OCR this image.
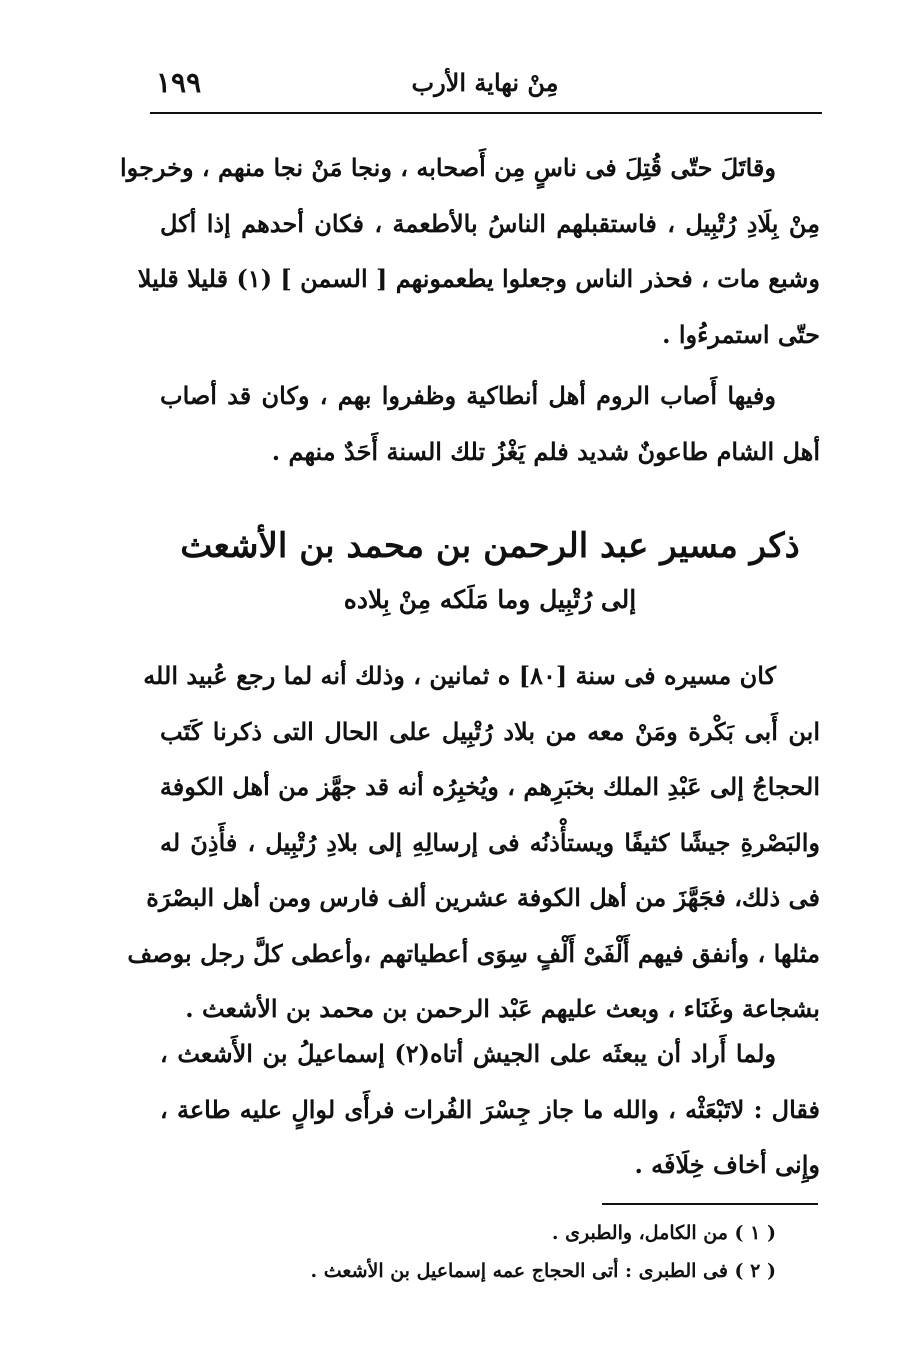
مِنْ نهاية الأرب
١٩٩
وقاتَلَ حتّى قُتِلَ فى ناسٍ مِن أَصحابه ، ونجا مَنْ نجا منهم ، وخرجوا
مِنْ بِلَادِ رُتْبِيل ، فاستقبلهم الناسُ بالأطعمة ، فكان أحدهم إذا أكل
وشبع مات ، فحذر الناس وجعلوا يطعمونهم [ السمن ] (١) قليلا قليلا
حتّى استمرءُوا .
وفيها أَصاب الروم أهل أنطاكية وظفروا بهم ، وكان قد أصاب
أهل الشام طاعونٌ شديد فلم يَغْزُ تلك السنة أَحَدٌ منهم .
ذكر مسير عبد الرحمن بن محمد بن الأشعث
إلى رُتْبِيل وما مَلَكه مِنْ بِلاده
كان مسيره فى سنة [٨٠] ه ثمانين ، وذلك أنه لما رجع عُبيد الله
ابن أَبى بَكْرة ومَنْ معه من بلاد رُتْبِيل على الحال التى ذكرنا كَتَب
الحجاجُ إلى عَبْدِ الملك بخبَرِهم ، ويُخبِرُه أنه قد جهَّز من أهل الكوفة
والبَصْرةِ جيشًا كثيفًا ويستأْذنُه فى إرسالِهِ إلى بلادِ رُتْبِيل ، فأَذِنَ له
فى ذلك، فجَهَّزَ من أهل الكوفة عشرين ألف فارس ومن أهل البصْرَة
مثلها ، وأنفق فيهم أَلْفَىْ أَلْفٍ سِوَى أعطياتهم ،وأعطى كلَّ رجل بوصف
بشجاعة وغَنَاء ، وبعث عليهم عَبْد الرحمن بن محمد بن الأشعث .
ولما أَراد أن يبعثَه على الجيش أتاه(٢) إسماعيلُ بن الأَشعث ،
فقال : لاتَبْعَثْه ، والله ما جاز جِسْرَ الفُرات فرأَى لوالٍ عليه طاعة ،
وإِنى أخاف خِلَافَه .
( ١ ) من الكامل، والطبرى .
( ٢ ) فى الطبرى : أتى الحجاج عمه إسماعيل بن الأشعث .
